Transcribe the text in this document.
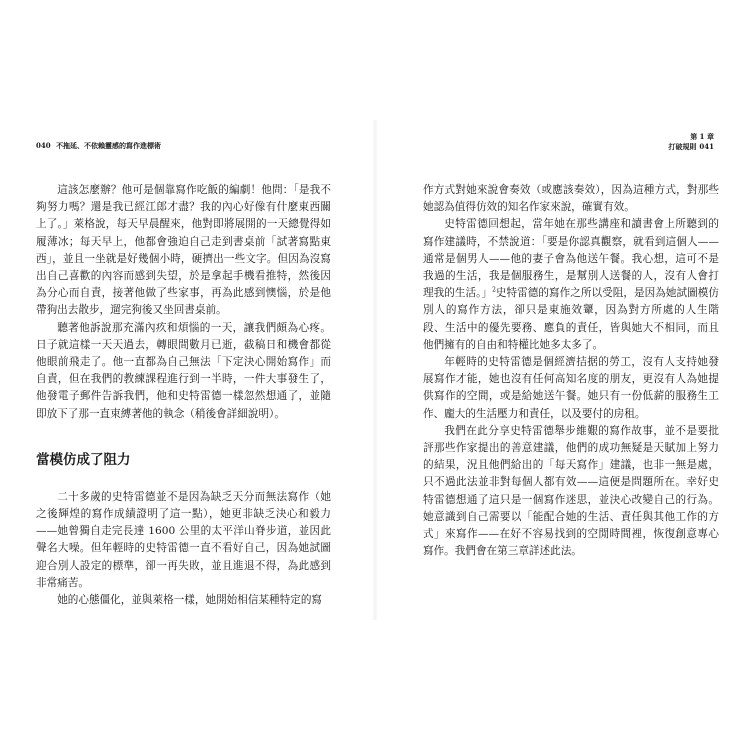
040 不拖延、不依賴靈感的寫作進標術

這該怎麼辦？他可是個靠寫作吃飯的編劇！他問：「是我不夠努力嗎？還是我已經江郎才盡？我的內心好像有什麼東西關上了。」萊格說，每天早晨醒來，他對即將展開的一天總覺得如履薄冰；每天早上，他都會強迫自己走到書桌前「試著寫點東西」，並且一坐就是好幾個小時，硬擠出一些文字。但因為沒寫出自己喜歡的內容而感到失望，於是拿起手機看推特，然後因為分心而自責，接著他做了些家事，再為此感到懊惱，於是他帶狗出去散步，遛完狗後又坐回書桌前。

聽著他訴說那充滿內疚和煩惱的一天，讓我們頗為心疼。日子就這樣一天天過去，轉眼間數月已逝，截稿日和機會都從他眼前飛走了。他一直都為自己無法「下定決心開始寫作」而自責，但在我們的教練課程進行到一半時，一件大事發生了，他發電子郵件告訴我們，他和史特雷德一樣忽然想通了，並隨即放下了那一直束縛著他的執念（稍後會詳細說明）。

當模仿成了阻力

二十多歲的史特雷德並不是因為缺乏天分而無法寫作（她之後輝煌的寫作成績證明了這一點），她更非缺乏決心和毅力——她曾獨自走完長達 1600 公里的太平洋山脊步道，並因此聲名大噪。但年輕時的史特雷德一直不看好自己，因為她試圖迎合別人設定的標準，卻一再失敗，並且進退不得，為此感到非常痛苦。

她的心態僵化，並與萊格一樣，她開始相信某種特定的寫

第 1 章
打破規則 041

作方式對她來說會奏效（或應該奏效），因為這種方式，對那些她認為值得仿效的知名作家來說，確實有效。

史特雷德回想起，當年她在那些講座和讀書會上所聽到的寫作建議時，不禁說道：「要是你認真觀察，就看到這個人——通常是個男人——他的妻子會為他送午餐。我心想，這可不是我過的生活，我是個服務生，是幫別人送餐的人，沒有人會打理我的生活。」$^2$史特雷德的寫作之所以受阻，是因為她試圖模仿別人的寫作方法，卻只是東施效顰，因為對方所處的人生階段、生活中的優先要務、應負的責任，皆與她大不相同，而且他們擁有的自由和特權比她多太多了。

年輕時的史特雷德是個經濟拮据的勞工，沒有人支持她發展寫作才能，她也沒有任何高知名度的朋友，更沒有人為她提供寫作的空間，或是給她送午餐。她只有一份低薪的服務生工作、龐大的生活壓力和責任，以及要付的房租。

我們在此分享史特雷德舉步維艱的寫作故事，並不是要批評那些作家提出的善意建議，他們的成功無疑是天賦加上努力的結果，況且他們給出的「每天寫作」建議，也非一無是處，只不過此法並非對每個人都有效——這便是問題所在。幸好史特雷德想通了這只是一個寫作迷思，並決心改變自己的行為。她意識到自己需要以「能配合她的生活、責任與其他工作的方式」來寫作——在好不容易找到的空閒時間裡，恢復創意專心寫作。我們會在第三章詳述此法。
